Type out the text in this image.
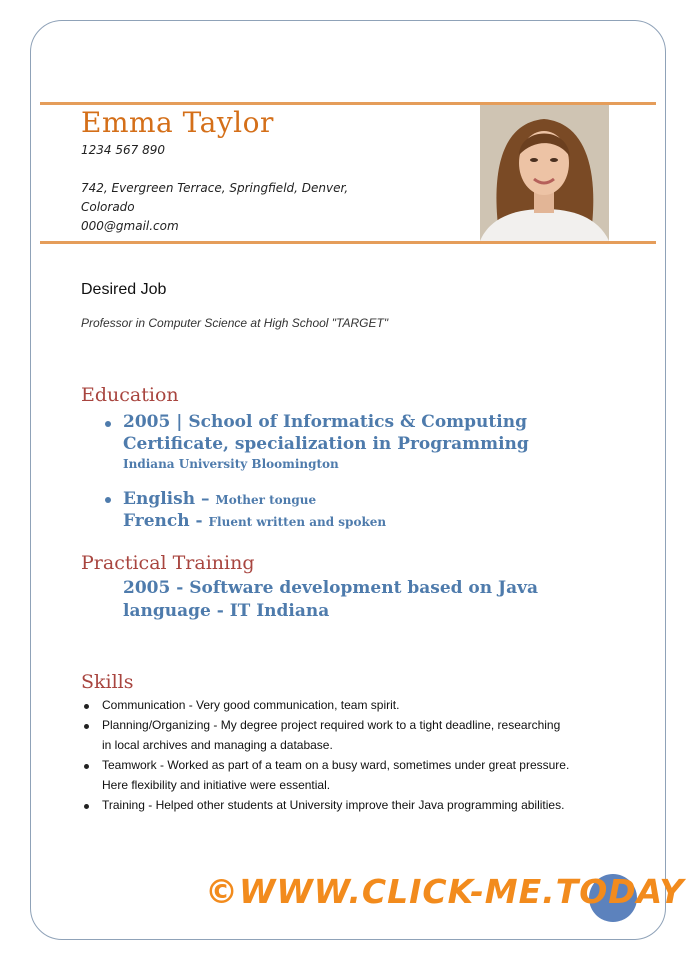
Emma Taylor
1234 567 890
742, Evergreen Terrace, Springfield, Denver,
Colorado
000@gmail.com
Desired Job
Professor in Computer Science at High School "TARGET"
Education
2005 | School of Informatics & Computing
Certificate, specialization in Programming
Indiana University Bloomington
English – Mother tongue
French - Fluent written and spoken
Practical Training
2005 - Software development based on Java
language - IT Indiana
Skills
Communication - Very good communication, team spirit.
Planning/Organizing - My degree project required work to a tight deadline, researching
in local archives and managing a database.
Teamwork - Worked as part of a team on a busy ward, sometimes under great pressure.
Here flexibility and initiative were essential.
Training - Helped other students at University improve their Java programming abilities.
©WWW.CLICK-ME.TODAY
